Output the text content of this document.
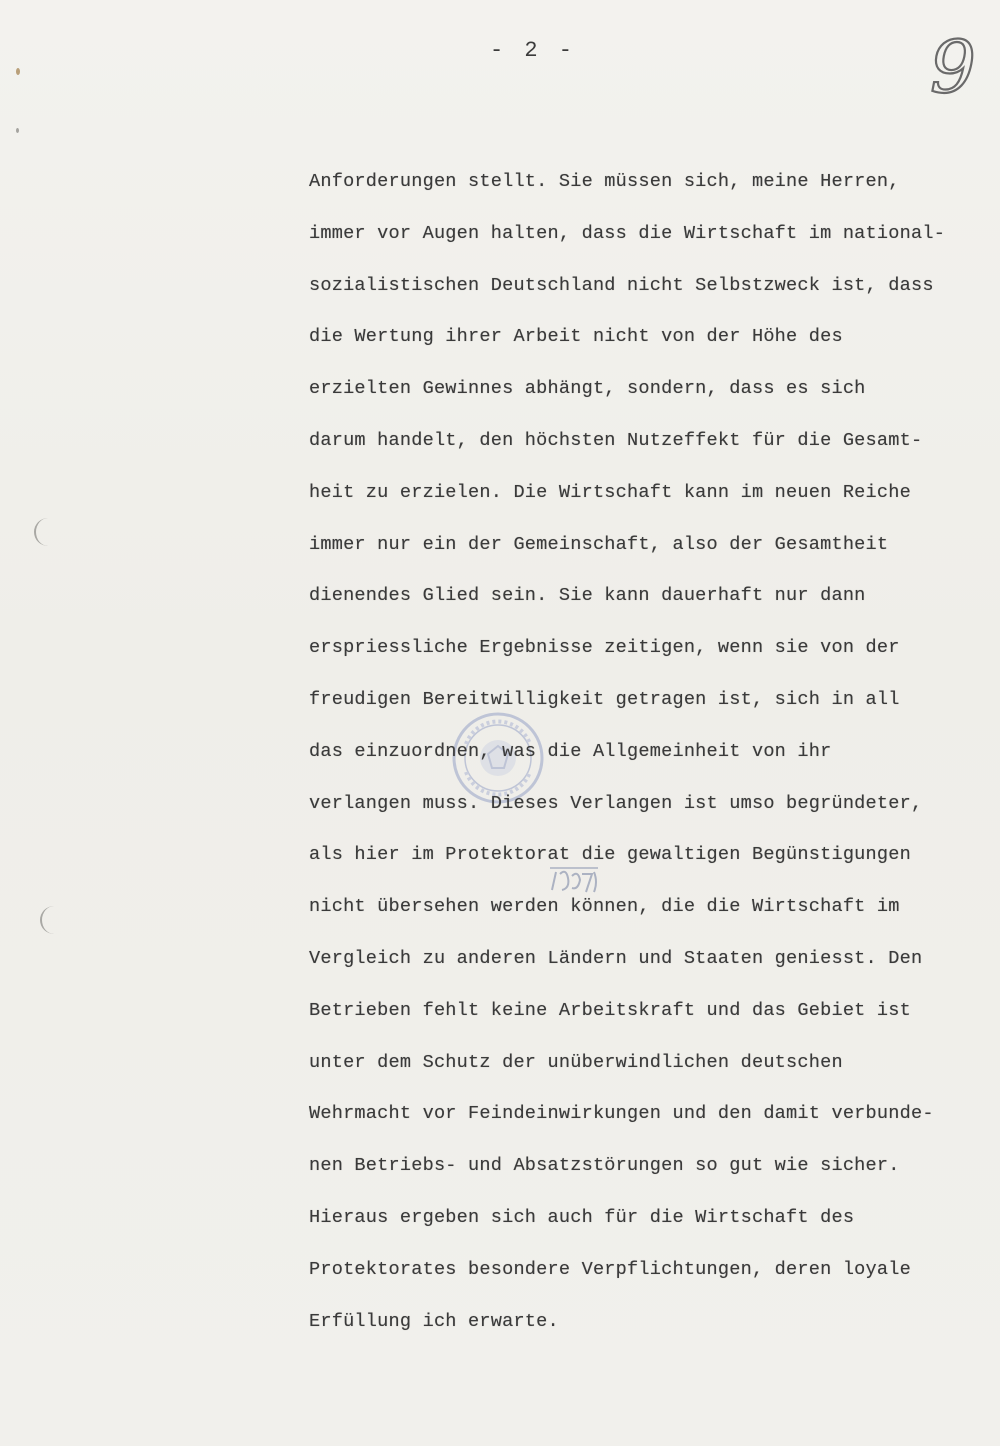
- 2 -	9
Anforderungen stellt. Sie müssen sich, meine Herren,
immer vor Augen halten, dass die Wirtschaft im national-
sozialistischen Deutschland nicht Selbstzweck ist, dass
die Wertung ihrer Arbeit nicht von der Höhe des
erzielten Gewinnes abhängt, sondern, dass es sich
darum handelt, den höchsten Nutzeffekt für die Gesamt-
heit zu erzielen. Die Wirtschaft kann im neuen Reiche
immer nur ein der Gemeinschaft, also der Gesamtheit
dienendes Glied sein. Sie kann dauerhaft nur dann
erspriessliche Ergebnisse zeitigen, wenn sie von der
freudigen Bereitwilligkeit getragen ist, sich in all
das einzuordnen, was die Allgemeinheit von ihr
verlangen muss. Dieses Verlangen ist umso begründeter,
als hier im Protektorat die gewaltigen Begünstigungen
nicht übersehen werden können, die die Wirtschaft im
Vergleich zu anderen Ländern und Staaten geniesst. Den
Betrieben fehlt keine Arbeitskraft und das Gebiet ist
unter dem Schutz der unüberwindlichen deutschen
Wehrmacht vor Feindeinwirkungen und den damit verbunde-
nen Betriebs- und Absatzstörungen so gut wie sicher.
Hieraus ergeben sich auch für die Wirtschaft des
Protektorates besondere Verpflichtungen, deren loyale
Erfüllung ich erwarte.
